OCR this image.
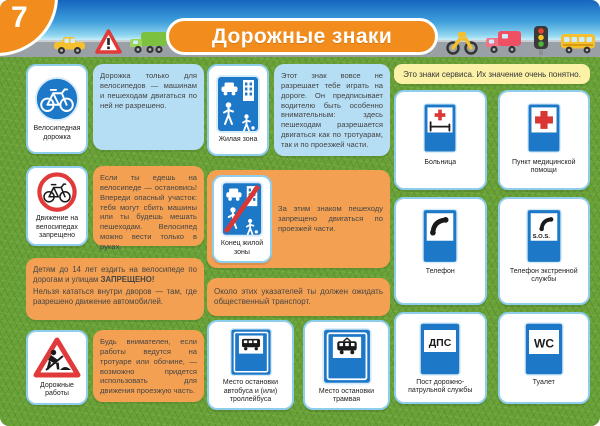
7
Дорожные знаки
Велосипедная дорожка
Дорожка только для велосипедов — машинам и пешеходам двигаться по ней не разрешено.
Движение на велосипедах запрещено
Если ты едешь на велосипеде — остановись! Впереди опасный участок: тебя могут сбить машины или ты будешь мешать пешеходам. Велосипед можно вести только в руках.

Детям до 14 лет ездить на велосипеде по дорогам и улицам ЗАПРЕЩЕНО!

Нельзя кататься внутри дворов — там, где разрешено движение автомобилей.

Дорожные работы
Будь внимателен, если работы ведутся на тротуаре или обочине, — возможно придется использовать для движения проезжую часть.
Жилая зона
Этот знак вовсе не разрешает тебе играть на дороге. Он предписывает водителю быть особенно внимательным: здесь пешеходам разрешается двигаться как по тротуарам, так и по проезжей части.
Конец жилой зоны
За этим знаком пешеходу запрещено двигаться по проезжей части.
Около этих указателей ты должен ожидать общественный транспорт.
Место остановки автобуса и (или) троллейбуса
Место остановки трамвая
Это знаки сервиса. Их значение очень понятно.
Больница	Пункт медицинской помощи
Телефон
S.O.S.
Телефон экстренной службы
ДПС
Пост дорожно-патрульной службы
WC
Туалет
